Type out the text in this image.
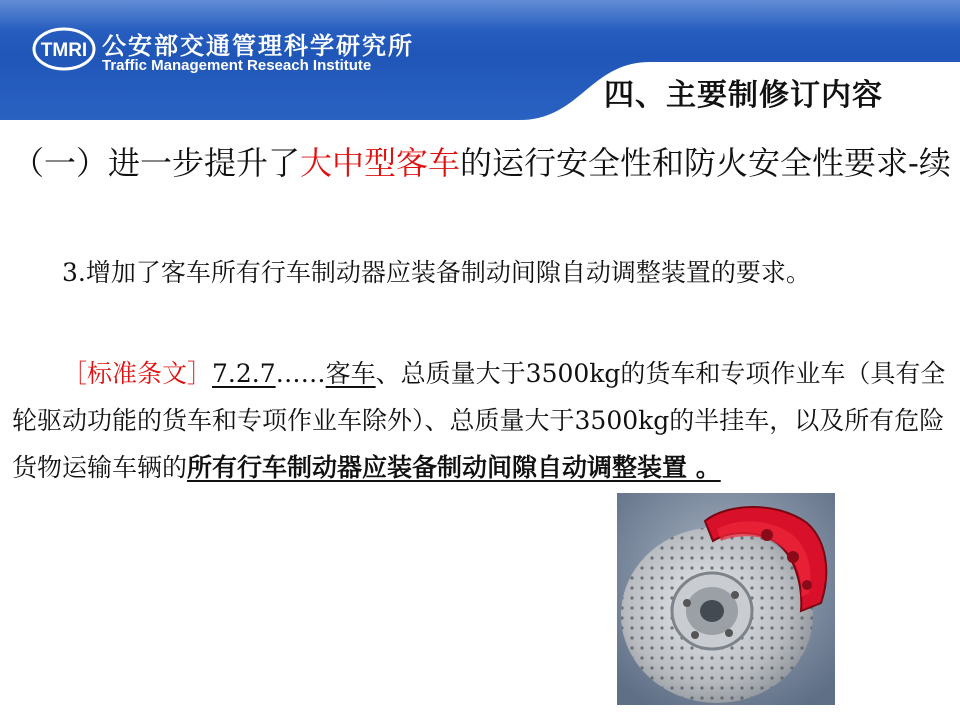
TMRI 公安部交通管理科学研究所
Traffic Management Reseach Institute
四、主要制修订内容
（一）进一步提升了大中型客车的运行安全性和防火安全性要求-续
3.增加了客车所有行车制动器应装备制动间隙自动调整装置的要求。
［标准条文］7.2.7……客车、总质量大于3500kg的货车和专项作业车（具有全轮驱动功能的货车和专项作业车除外）、总质量大于3500kg的半挂车，以及所有危险货物运输车辆的所有行车制动器应装备制动间隙自动调整装置 。
